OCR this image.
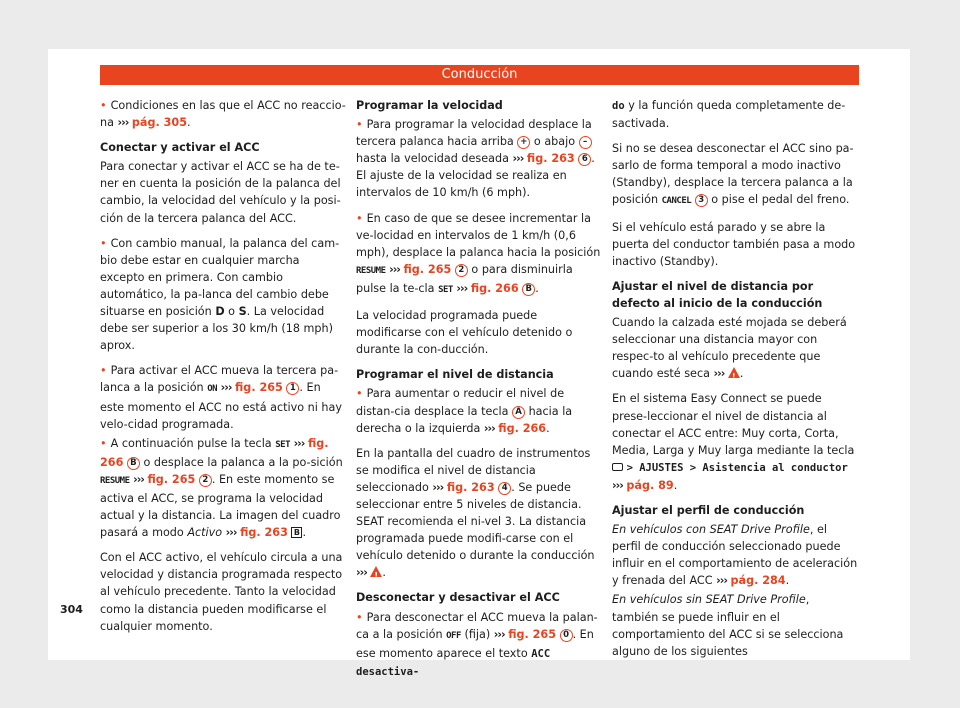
Conducción

• Condiciones en las que el ACC no reaccio-na ››› pág. 305.

Conectar y activar el ACC

Para conectar y activar el ACC se ha de te-ner en cuenta la posición de la palanca del cambio, la velocidad del vehículo y la posi-ción de la tercera palanca del ACC.

• Con cambio manual, la palanca del cam-bio debe estar en cualquier marcha excepto en primera. Con cambio automático, la pa-lanca del cambio debe situarse en posición D o S. La velocidad debe ser superior a los 30 km/h (18 mph) aprox.

• Para activar el ACC mueva la tercera pa-lanca a la posición ON ››› fig. 265 1 . En este momento el ACC no está activo ni hay velo-cidad programada.

• A continuación pulse la tecla SET ››› fig. 266 B o desplace la palanca a la po-sición RESUME ››› fig. 265 2 . En este momento se activa el ACC, se programa la velocidad actual y la distancia. La imagen del cuadro pasará a modo Activo ››› fig. 263 B .

Con el ACC activo, el vehículo circula a una velocidad y distancia programada respecto al vehículo precedente. Tanto la velocidad como la distancia pueden modificarse el cualquier momento.

Programar la velocidad

• Para programar la velocidad desplace la tercera palanca hacia arriba + o abajo – hasta la velocidad deseada ››› fig. 263 6 . El ajuste de la velocidad se realiza en intervalos de 10 km/h (6 mph).

• En caso de que se desee incrementar la ve-locidad en intervalos de 1 km/h (0,6 mph), desplace la palanca hacia la posición RESUME ››› fig. 265 2 o para disminuirla pulse la te-cla SET ››› fig. 266 B .

La velocidad programada puede modificarse con el vehículo detenido o durante la con-ducción.

Programar el nivel de distancia

• Para aumentar o reducir el nivel de distan-cia desplace la tecla A hacia la derecha o la izquierda ››› fig. 266.

En la pantalla del cuadro de instrumentos se modifica el nivel de distancia seleccionado ››› fig. 263 4 . Se puede seleccionar entre 5 niveles de distancia. SEAT recomienda el ni-vel 3. La distancia programada puede modifi-carse con el vehículo detenido o durante la conducción ››› ! .

Desconectar y desactivar el ACC

• Para desconectar el ACC mueva la palan-ca a la posición OFF (fija) ››› fig. 265 0 . En ese momento aparece el texto ACC desactiva-

do y la función queda completamente de-sactivada.

Si no se desea desconectar el ACC sino pa-sarlo de forma temporal a modo inactivo (Standby), desplace la tercera palanca a la posición CANCEL 3 o pise el pedal del freno.

Si el vehículo está parado y se abre la puerta del conductor también pasa a modo inactivo (Standby).

Ajustar el nivel de distancia por defecto al inicio de la conducción

Cuando la calzada esté mojada se deberá seleccionar una distancia mayor con respec-to al vehículo precedente que cuando esté seca ››› ! .

En el sistema Easy Connect se puede prese-leccionar el nivel de distancia al conectar el ACC entre: Muy corta, Corta, Media, Larga y Muy larga mediante la tecla  > AJUSTES > Asistencia al conductor ››› pág. 89.

Ajustar el perfil de conducción

En vehículos con SEAT Drive Profile, el perfil de conducción seleccionado puede influir en el comportamiento de aceleración y frenada del ACC ››› pág. 284.

En vehículos sin SEAT Drive Profile, también se puede influir en el comportamiento del ACC si se selecciona alguno de los siguientes

304
